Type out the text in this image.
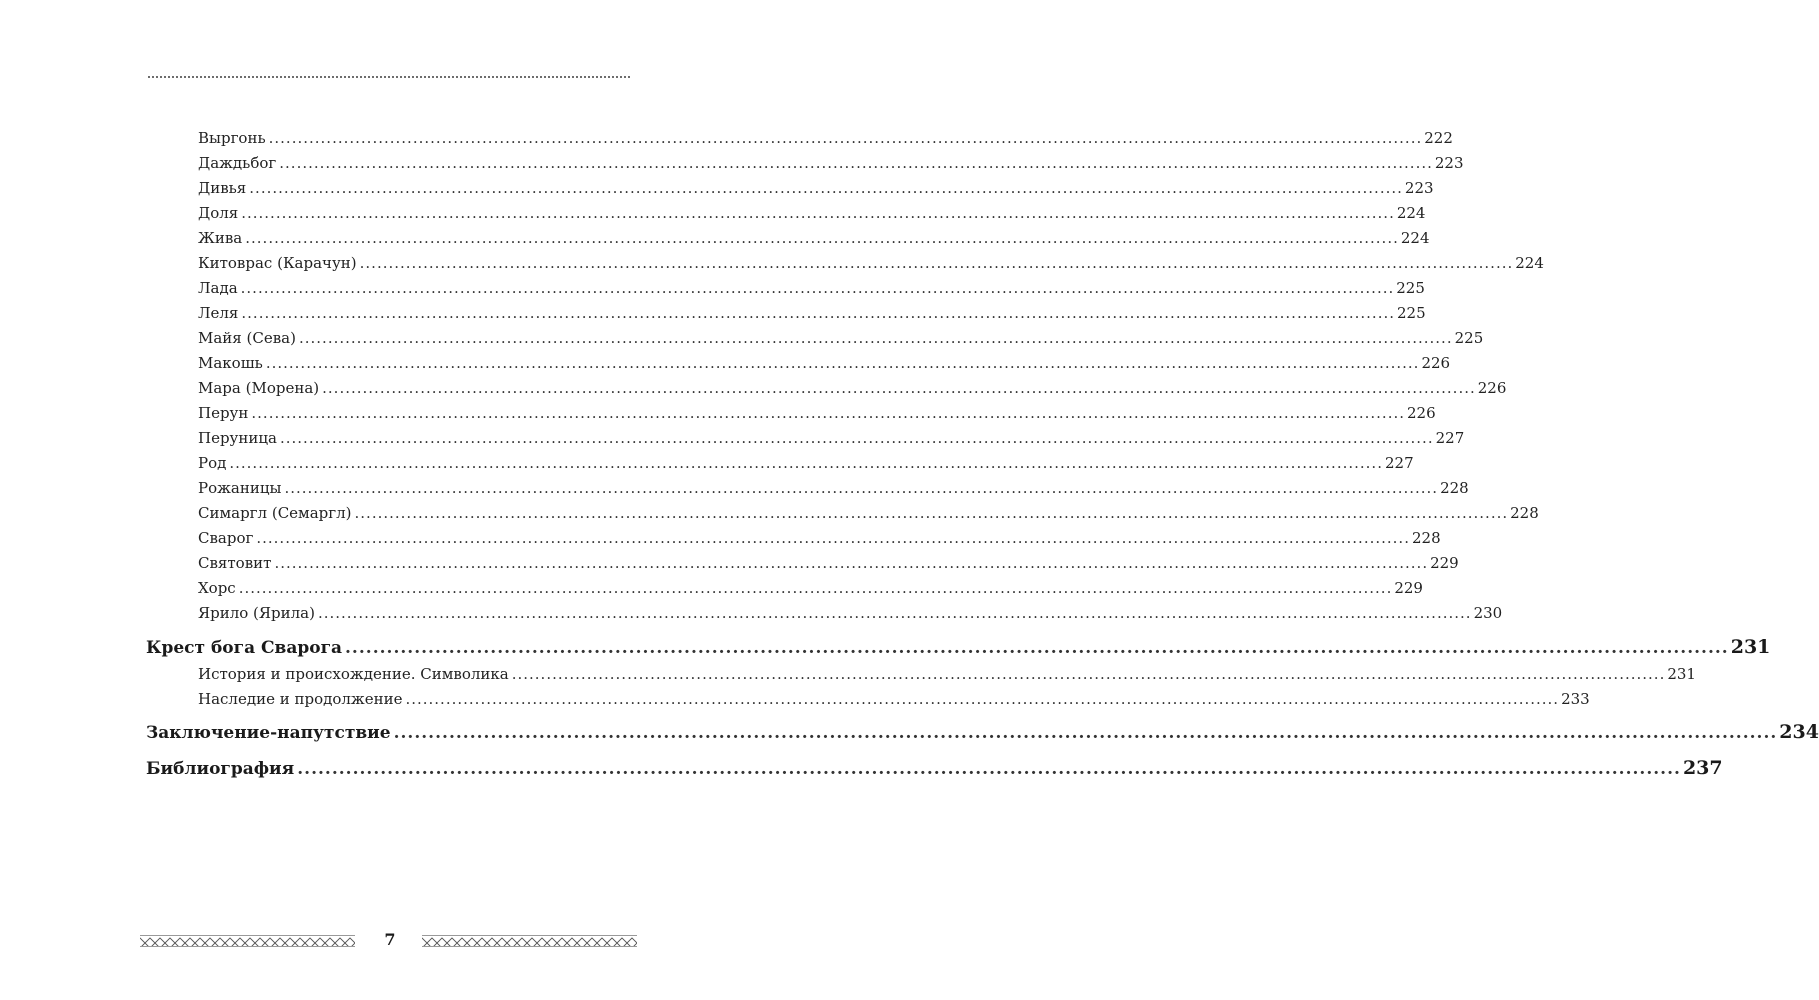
Выргонь ........................................................................................................................................................................................................ 222
Даждьбог ........................................................................................................................................................................................................ 223
Дивья ........................................................................................................................................................................................................ 223
Доля ........................................................................................................................................................................................................ 224
Жива ........................................................................................................................................................................................................ 224
Китоврас (Карачун) ........................................................................................................................................................................................................ 224
Лада ........................................................................................................................................................................................................ 225
Леля ........................................................................................................................................................................................................ 225
Майя (Сева) ........................................................................................................................................................................................................ 225
Макошь ........................................................................................................................................................................................................ 226
Мара (Морена) ........................................................................................................................................................................................................ 226
Перун ........................................................................................................................................................................................................ 226
Перуница ........................................................................................................................................................................................................ 227
Род ........................................................................................................................................................................................................ 227
Рожаницы ........................................................................................................................................................................................................ 228
Симаргл (Семаргл) ........................................................................................................................................................................................................ 228
Сварог ........................................................................................................................................................................................................ 228
Святовит ........................................................................................................................................................................................................ 229
Хорс ........................................................................................................................................................................................................ 229
Ярило (Ярила) ........................................................................................................................................................................................................ 230
Крест бога Сварога ........................................................................................................................................................................................................ 231
История и происхождение. Символика ........................................................................................................................................................................................................ 231
Наследие и продолжение ........................................................................................................................................................................................................ 233
Заключение-напутствие ........................................................................................................................................................................................................ 234
Библиография ........................................................................................................................................................................................................ 237
7
